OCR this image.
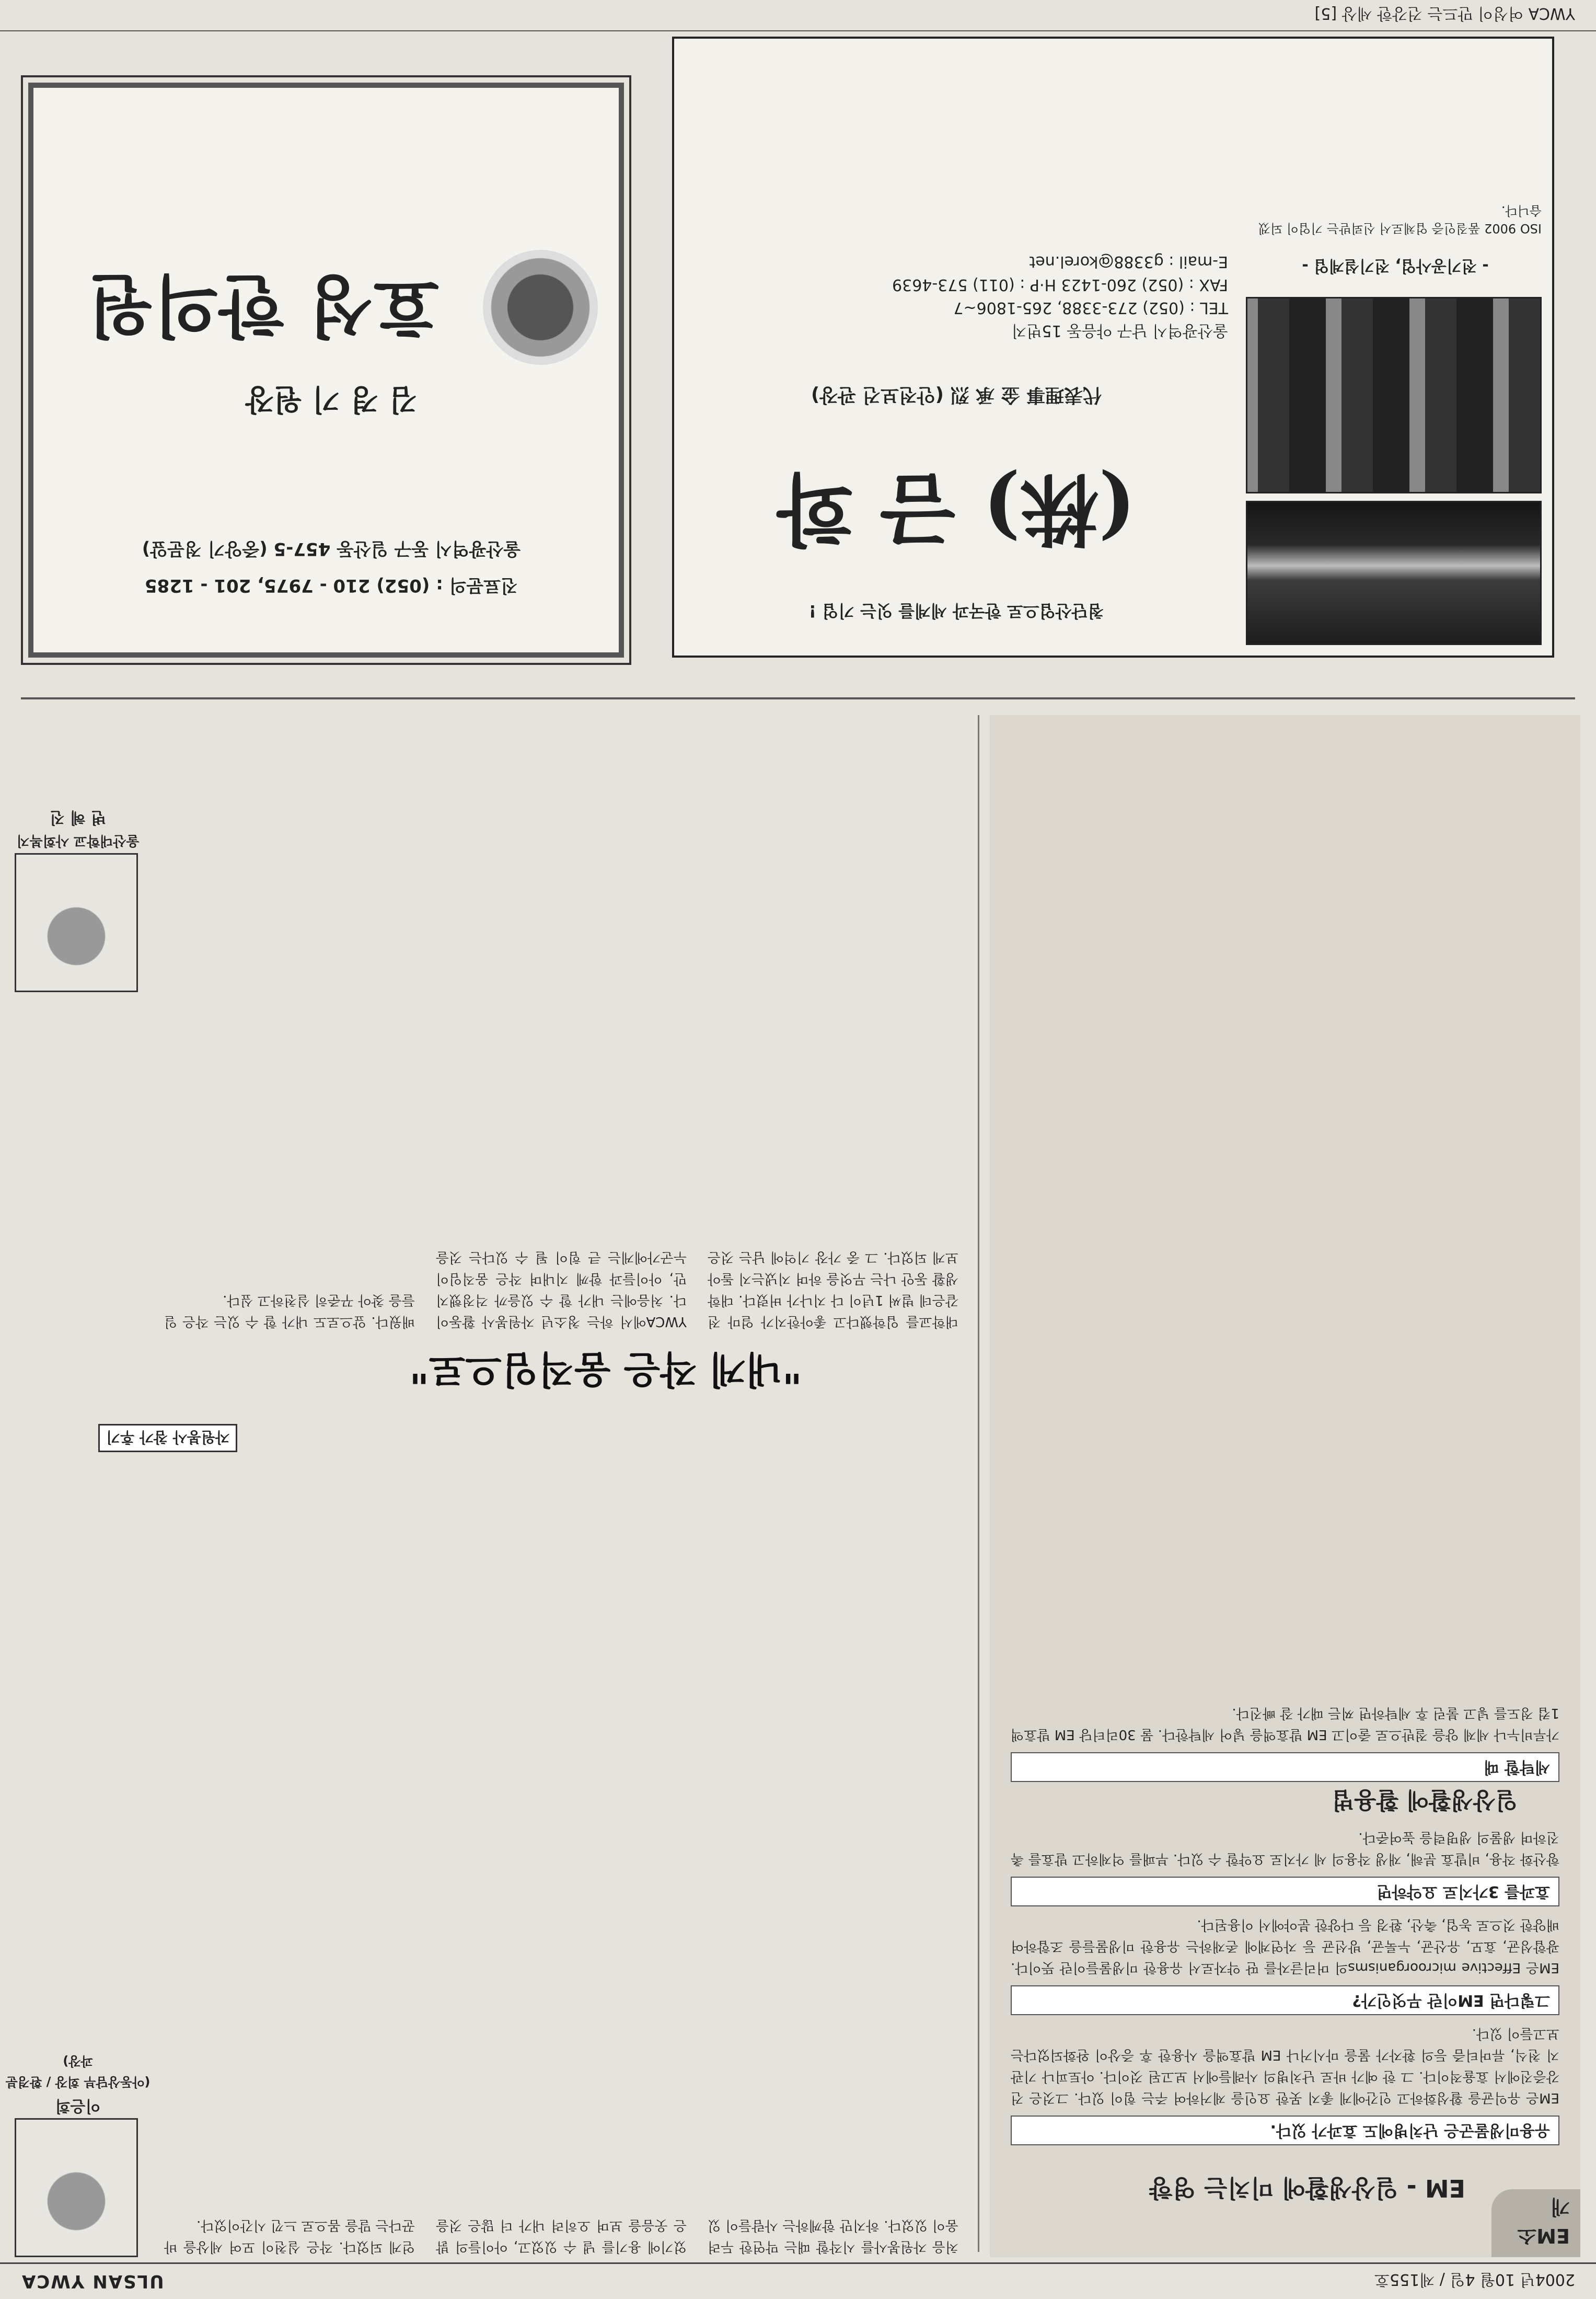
2004년 10월 4일 / 제155호
ULSAN YWCA
EM소개
EM - 일상생활에 미치는 영향
유용미생물군은 난치병에도 효과가 있다.

EM은 유익균을 활성화하고 인간에게 좋지 못한 요인을 제거하여 주는 힘이 있다. 그것은 건강증진에서 효율적이다. 그 한 예가 바로 난치병의 사례들에서 보고된 것이다. 아토피나 기관지 천식, 류머티즘 등의 환자가 물을 마시거나 EM 발효액을 사용한 후 증상이 완화되었다는 보고들이 있다.

그렇다면 EM이란 무엇인가?

EM은 Effective microorganisms의 머리글자를 딴 약자로서 유용한 미생물들이란 뜻이다. 광합성균, 효모, 유산균, 누룩균, 방선균 등 자연계에 존재하는 유용한 미생물들을 조합하여 배양한 것으로 농업, 축산, 환경 등 다양한 분야에서 이용된다.

효과를 3가지로 요약하면

항산화 작용, 비발효 분해, 재생 작용의 세 가지로 요약할 수 있다. 부패를 억제하고 발효를 촉진하며 생물의 생명력을 높여준다.

일상생활에 활용법
세탁할 때

가루비누나 세제 양을 절반으로 줄이고 EM 발효액을 넣어 세탁한다. 물 30리터당 EM 발효액 1컵 정도를 넣고 불린 후 세탁하면 찌든 때가 잘 빠진다.

자원봉사 참가 후기
"내게 작은 움직임으로"
울산대학교 사회복지
변 혜 진
대학교를 입학했다고 좋아한지가 얼마 전 같은데 벌써 1년이 다 지나가 버렸다. 대학 생활 동안 나는 무엇을 하며 지냈는지 돌아보게 되었다. 그 중 가장 기억에 남는 것은 YWCA에서 하는 청소년 자원봉사 활동이다. 처음에는 내가 할 수 있을까 걱정했지만, 아이들과 함께 지내며 작은 움직임이 누군가에게는 큰 힘이 될 수 있다는 것을 배웠다. 앞으로도 내가 할 수 있는 작은 일들을 찾아 꾸준히 실천하고 싶다.
이은희
(아동상담부 회장 / 환경분과장)
처음 자원봉사를 시작할 때는 막연한 두려움이 있었다. 하지만 함께하는 사람들이 있었기에 용기를 낼 수 있었고, 아이들의 밝은 웃음을 보며 오히려 내가 더 많은 것을 얻게 되었다. 작은 실천이 모여 세상을 바꾼다는 말을 몸으로 느낀 시간이었다.
첨단산업으로 한국과 세계를 잇는 기업 !
(株) 금 화
代表理事 金 承 烈 (안전보건 관장)
울산광역시 남구 야음동 15번지
TEL : (052) 273-3388, 265-1806~7
FAX : (052) 260-1423 H·P : (011) 573-4639
E-mail : g3388@korel.net	- 전기공사업, 전기설계업 -
ISO 9002 품질인증 업체로서 신뢰받는 기업이 되겠습니다.
효성 한의원
김 경 기 원장
울산광역시 동구 일산동 457-5 (중앙기 정문앞)
진료문의 : (052) 210 - 7975, 201 - 1285
YWCA 여성이 만드는 건강한 세상 [5]
